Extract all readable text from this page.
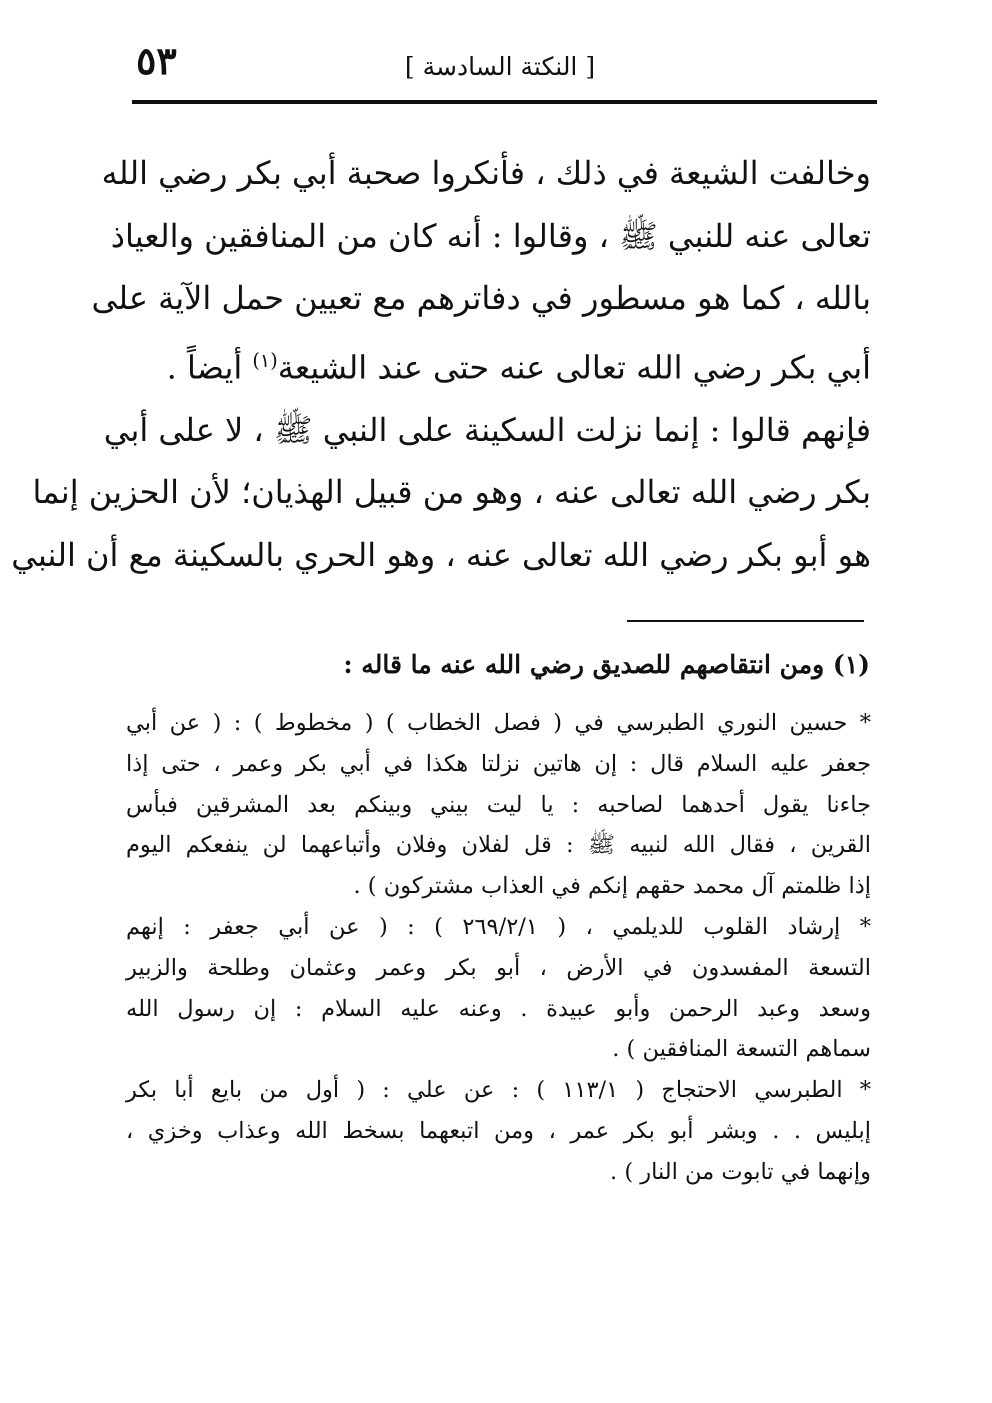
٥٣	[ النكتة السادسة ]
وخالفت الشيعة في ذلك ، فأنكروا صحبة أبي بكر رضي الله
تعالى عنه للنبي ﷺ ، وقالوا : أنه كان من المنافقين والعياذ
بالله ، كما هو مسطور في دفاترهم مع تعيين حمل الآية على
أبي بكر رضي الله تعالى عنه حتى عند الشيعة$^{(١)}$ أيضاً .
فإنهم قالوا : إنما نزلت السكينة على النبي ﷺ ، لا على أبي
بكر رضي الله تعالى عنه ، وهو من قبيل الهذيان؛ لأن الحزين إنما
هو أبو بكر رضي الله تعالى عنه ، وهو الحري بالسكينة مع أن النبي
(١) ومن انتقاصهم للصديق رضي الله عنه ما قاله :
* حسين النوري الطبرسي في ( فصل الخطاب ) ( مخطوط ) : ( عن أبي
جعفر عليه السلام قال : إن هاتين نزلتا هكذا في أبي بكر وعمر ، حتى إذا
جاءنا يقول أحدهما لصاحبه : يا ليت بيني وبينكم بعد المشرقين فبأس
القرين ، فقال الله لنبيه ﷺ : قل لفلان وفلان وأتباعهما لن ينفعكم اليوم
إذا ظلمتم آل محمد حقهم إنكم في العذاب مشتركون ) .
* إرشاد القلوب للديلمي ، ( ٢٦٩/٢/١ ) : ( عن أبي جعفر : إنهم
التسعة المفسدون في الأرض ، أبو بكر وعمر وعثمان وطلحة والزبير
وسعد وعبد الرحمن وأبو عبيدة . وعنه عليه السلام : إن رسول الله
سماهم التسعة المنافقين ) .
* الطبرسي الاحتجاج ( ١١٣/١ ) : عن علي : ( أول من بايع أبا بكر
إبليس . . وبشر أبو بكر عمر ، ومن اتبعهما بسخط الله وعذاب وخزي ،
وإنهما في تابوت من النار ) .
